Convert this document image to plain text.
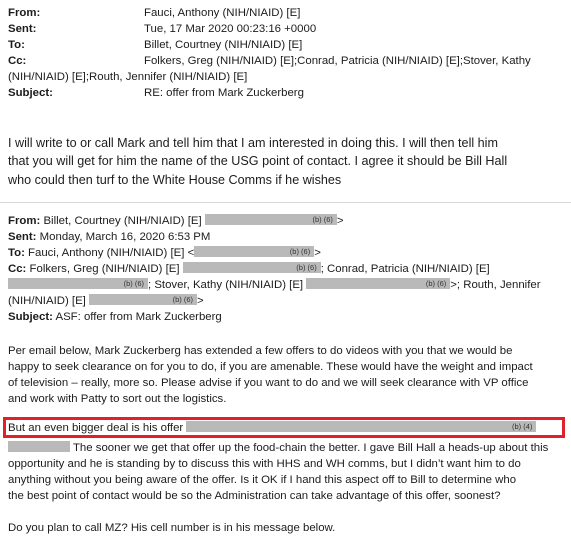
From:	Fauci, Anthony (NIH/NIAID) [E]
Sent:	Tue, 17 Mar 2020 00:23:16 +0000
To:	Billet, Courtney (NIH/NIAID) [E]
Cc:	Folkers, Greg (NIH/NIAID) [E];Conrad, Patricia (NIH/NIAID) [E];Stover, Kathy
(NIH/NIAID) [E];Routh, Jennifer (NIH/NIAID) [E]
Subject:	RE: offer from Mark Zuckerberg
I will write to or call Mark and tell him that I am interested in doing this. I will then tell him
that you will get for him the name of the USG point of contact. I agree it should be Bill Hall
who could then turf to the White House Comms if he wishes
From: Billet, Courtney (NIH/NIAID) [E]	(b) (6) >
Sent: Monday, March 16, 2020 6:53 PM
To: Fauci, Anthony (NIH/NIAID) [E] <	(b) (6) >
Cc: Folkers, Greg (NIH/NIAID) [E]	(b) (6) ; Conrad, Patricia (NIH/NIAID) [E]
(b) (6) ; Stover, Kathy (NIH/NIAID) [E]	(b) (6) >; Routh, Jennifer
(NIH/NIAID) [E]	(b) (6) >
Subject: ASF: offer from Mark Zuckerberg
Per email below, Mark Zuckerberg has extended a few offers to do videos with you that we would be
happy to seek clearance on for you to do, if you are amenable. These would have the weight and impact
of television – really, more so. Please advise if you want to do and we will seek clearance with VP office
and work with Patty to sort out the logistics.
But an even bigger deal is his offer	(b) (4)
The sooner we get that offer up the food-chain the better. I gave Bill Hall a heads-up about this
opportunity and he is standing by to discuss this with HHS and WH comms, but I didn’t want him to do
anything without you being aware of the offer. Is it OK if I hand this aspect off to Bill to determine who
the best point of contact would be so the Administration can take advantage of this offer, soonest?
Do you plan to call MZ? His cell number is in his message below.
